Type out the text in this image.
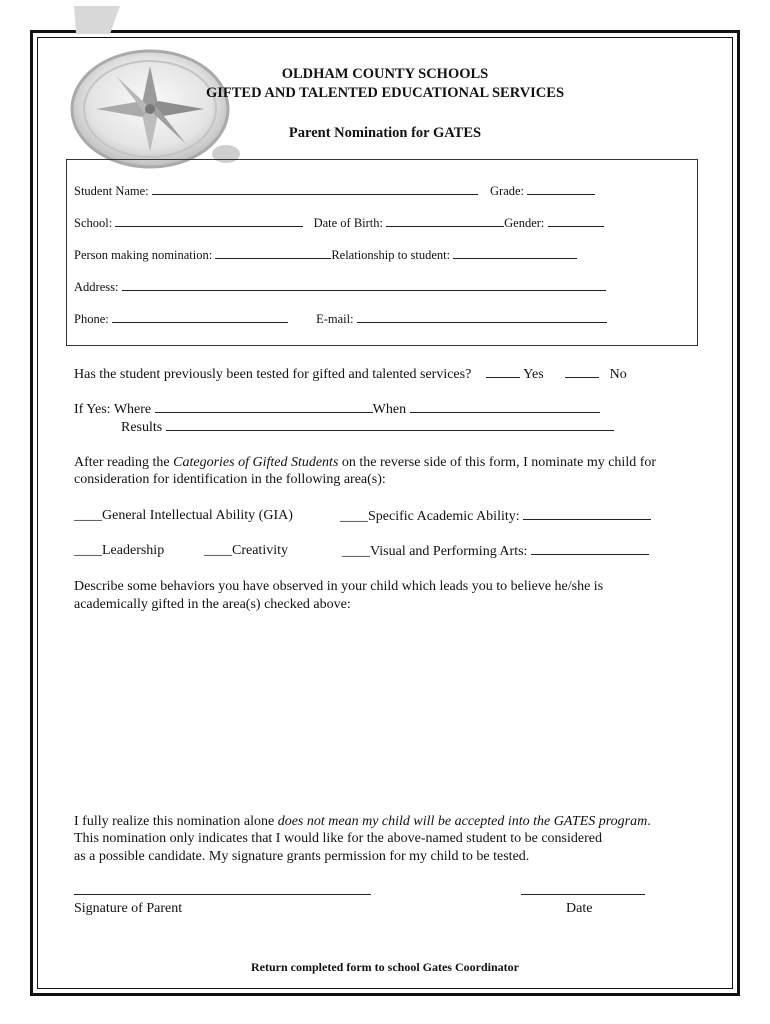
OLDHAM COUNTY SCHOOLS
GIFTED AND TALENTED EDUCATIONAL SERVICES
Parent Nomination for GATES
Student Name:	Grade:
School:	Date of Birth:	Gender:
Person making nomination:	Relationship to student:
Address:
Phone:	E-mail:
Has the student previously been tested for gifted and talented services?	Yes	No
If Yes: Where	When
Results
After reading the Categories of Gifted Students on the reverse side of this form, I nominate my child for
consideration for identification in the following area(s):
____General Intellectual Ability (GIA)	____Specific Academic Ability:
____Leadership	____Creativity	____Visual and Performing Arts:
Describe some behaviors you have observed in your child which leads you to believe he/she is
academically gifted in the area(s) checked above:
I fully realize this nomination alone does not mean my child will be accepted into the GATES program.
This nomination only indicates that I would like for the above-named student to be considered
as a possible candidate. My signature grants permission for my child to be tested.
Signature of Parent	Date
Return completed form to school Gates Coordinator
